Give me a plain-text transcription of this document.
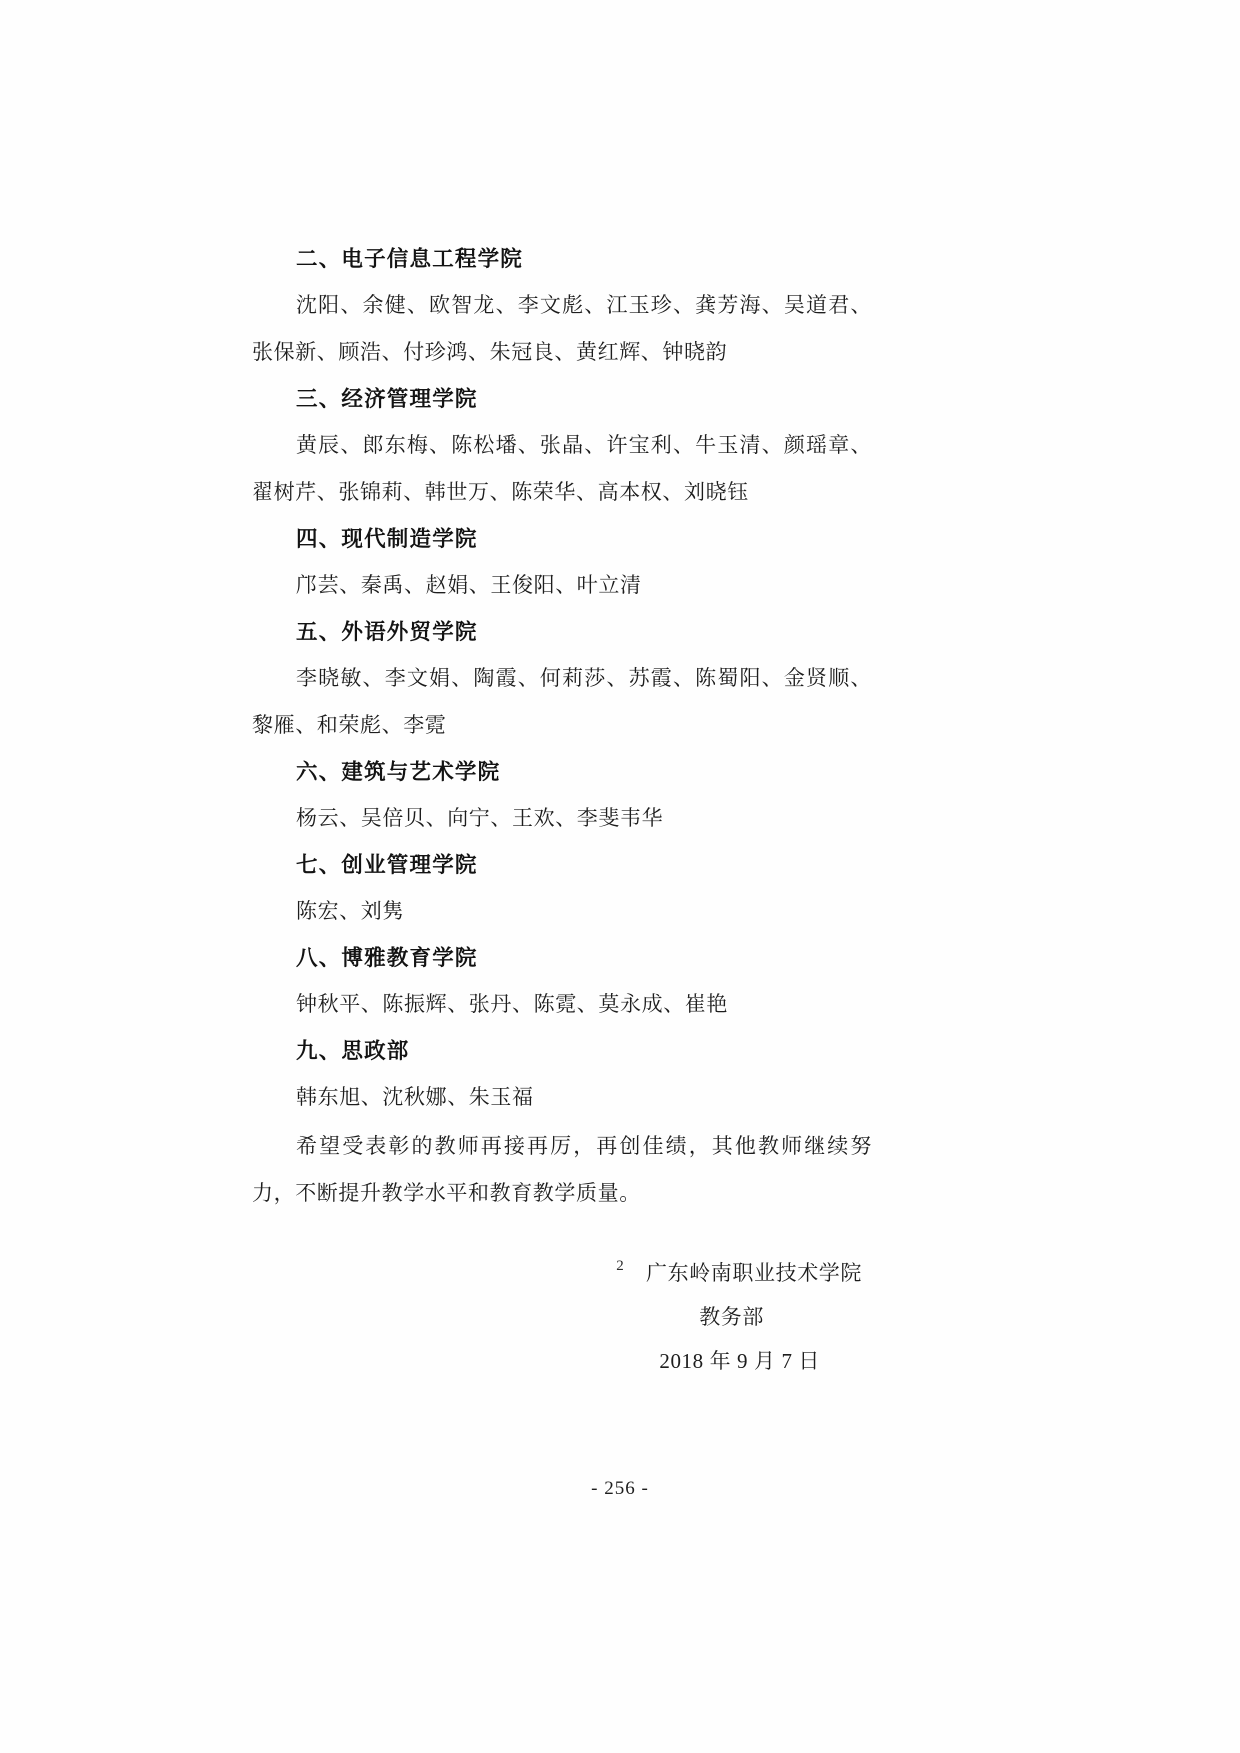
二、电子信息工程学院
沈阳、余健、欧智龙、李文彪、江玉珍、龚芳海、吴道君、张保新、顾浩、付珍鸿、朱冠良、黄红辉、钟晓韵
三、经济管理学院
黄辰、郎东梅、陈松墦、张晶、许宝利、牛玉清、颜瑶章、翟树芹、张锦莉、韩世万、陈荣华、高本权、刘晓钰
四、现代制造学院
邝芸、秦禹、赵娟、王俊阳、叶立清
五、外语外贸学院
李晓敏、李文娟、陶霞、何莉莎、苏霞、陈蜀阳、金贤顺、黎雁、和荣彪、李霓
六、建筑与艺术学院
杨云、吴倍贝、向宁、王欢、李斐韦华
七、创业管理学院
陈宏、刘隽
八、博雅教育学院
钟秋平、陈振辉、张丹、陈霓、莫永成、崔艳
九、思政部
韩东旭、沈秋娜、朱玉福
希望受表彰的教师再接再厉，再创佳绩，其他教师继续努力，不断提升教学水平和教育教学质量。
广东岭南职业技术学院
教务部
2018 年 9 月 7 日
2
- 256 -
